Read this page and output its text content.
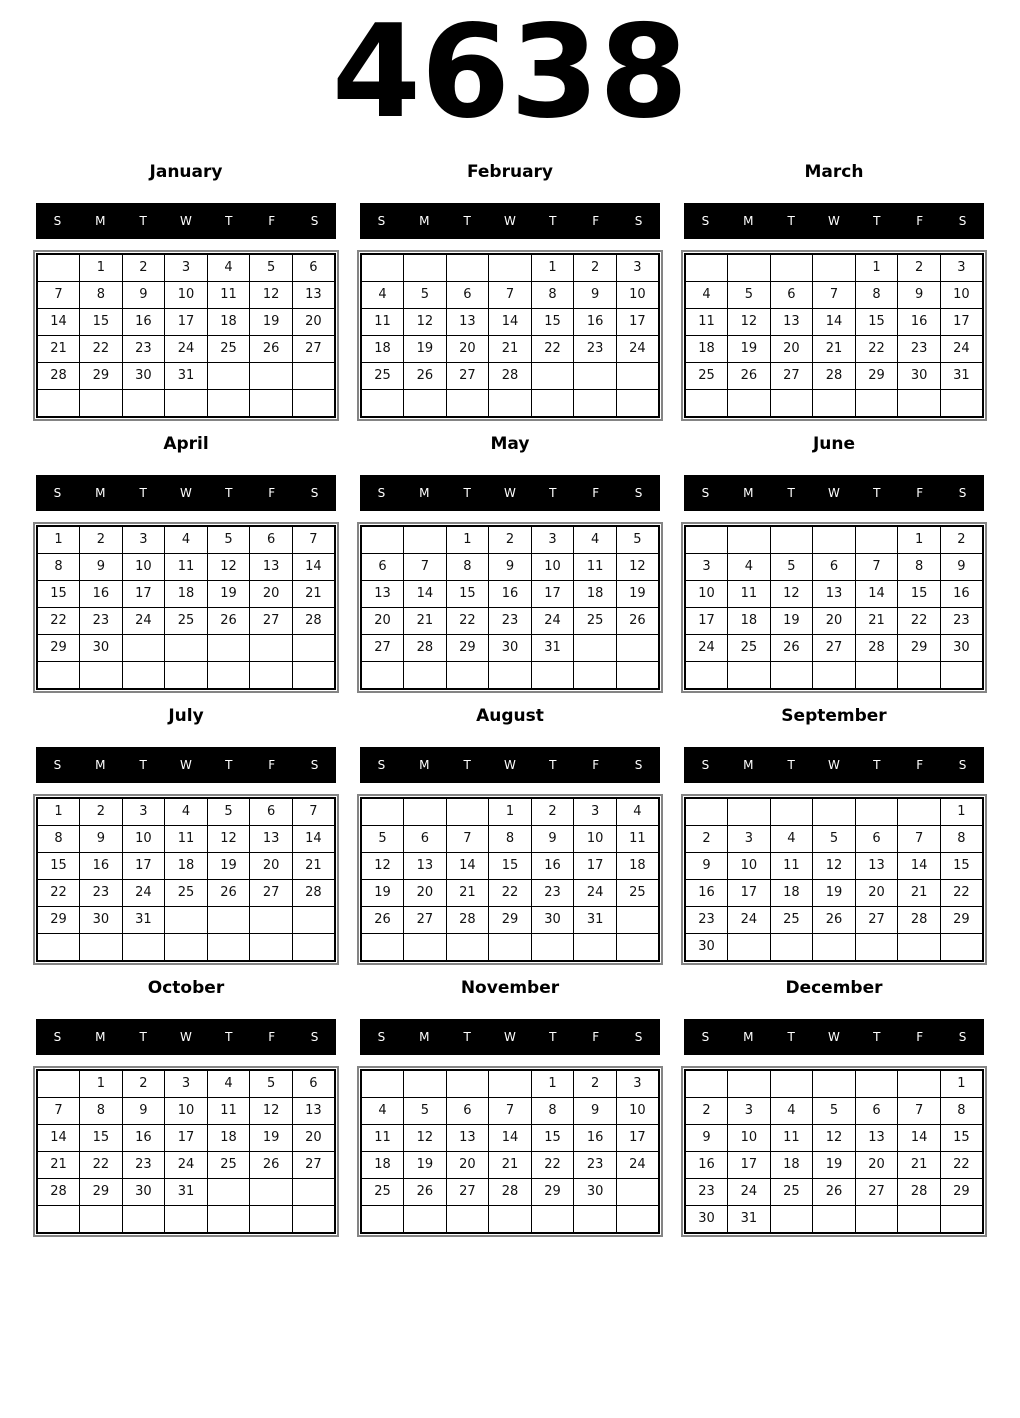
4638
January
S	M	T	W	T	F	S
	1	2	3	4	5	6
7	8	9	10	11	12	13
14	15	16	17	18	19	20
21	22	23	24	25	26	27
28	29	30	31			

February
S	M	T	W	T	F	S
				1	2	3
4	5	6	7	8	9	10
11	12	13	14	15	16	17
18	19	20	21	22	23	24
25	26	27	28			

March
S	M	T	W	T	F	S
				1	2	3
4	5	6	7	8	9	10
11	12	13	14	15	16	17
18	19	20	21	22	23	24
25	26	27	28	29	30	31

April
S	M	T	W	T	F	S
1	2	3	4	5	6	7
8	9	10	11	12	13	14
15	16	17	18	19	20	21
22	23	24	25	26	27	28
29	30					

May
S	M	T	W	T	F	S
		1	2	3	4	5
6	7	8	9	10	11	12
13	14	15	16	17	18	19
20	21	22	23	24	25	26
27	28	29	30	31		

June
S	M	T	W	T	F	S
					1	2
3	4	5	6	7	8	9
10	11	12	13	14	15	16
17	18	19	20	21	22	23
24	25	26	27	28	29	30

July
S	M	T	W	T	F	S
1	2	3	4	5	6	7
8	9	10	11	12	13	14
15	16	17	18	19	20	21
22	23	24	25	26	27	28
29	30	31				

August
S	M	T	W	T	F	S
			1	2	3	4
5	6	7	8	9	10	11
12	13	14	15	16	17	18
19	20	21	22	23	24	25
26	27	28	29	30	31	

September
S	M	T	W	T	F	S
						1
2	3	4	5	6	7	8
9	10	11	12	13	14	15
16	17	18	19	20	21	22
23	24	25	26	27	28	29
30						
October
S	M	T	W	T	F	S
	1	2	3	4	5	6
7	8	9	10	11	12	13
14	15	16	17	18	19	20
21	22	23	24	25	26	27
28	29	30	31			

November
S	M	T	W	T	F	S
				1	2	3
4	5	6	7	8	9	10
11	12	13	14	15	16	17
18	19	20	21	22	23	24
25	26	27	28	29	30	

December
S	M	T	W	T	F	S
						1
2	3	4	5	6	7	8
9	10	11	12	13	14	15
16	17	18	19	20	21	22
23	24	25	26	27	28	29
30	31					
